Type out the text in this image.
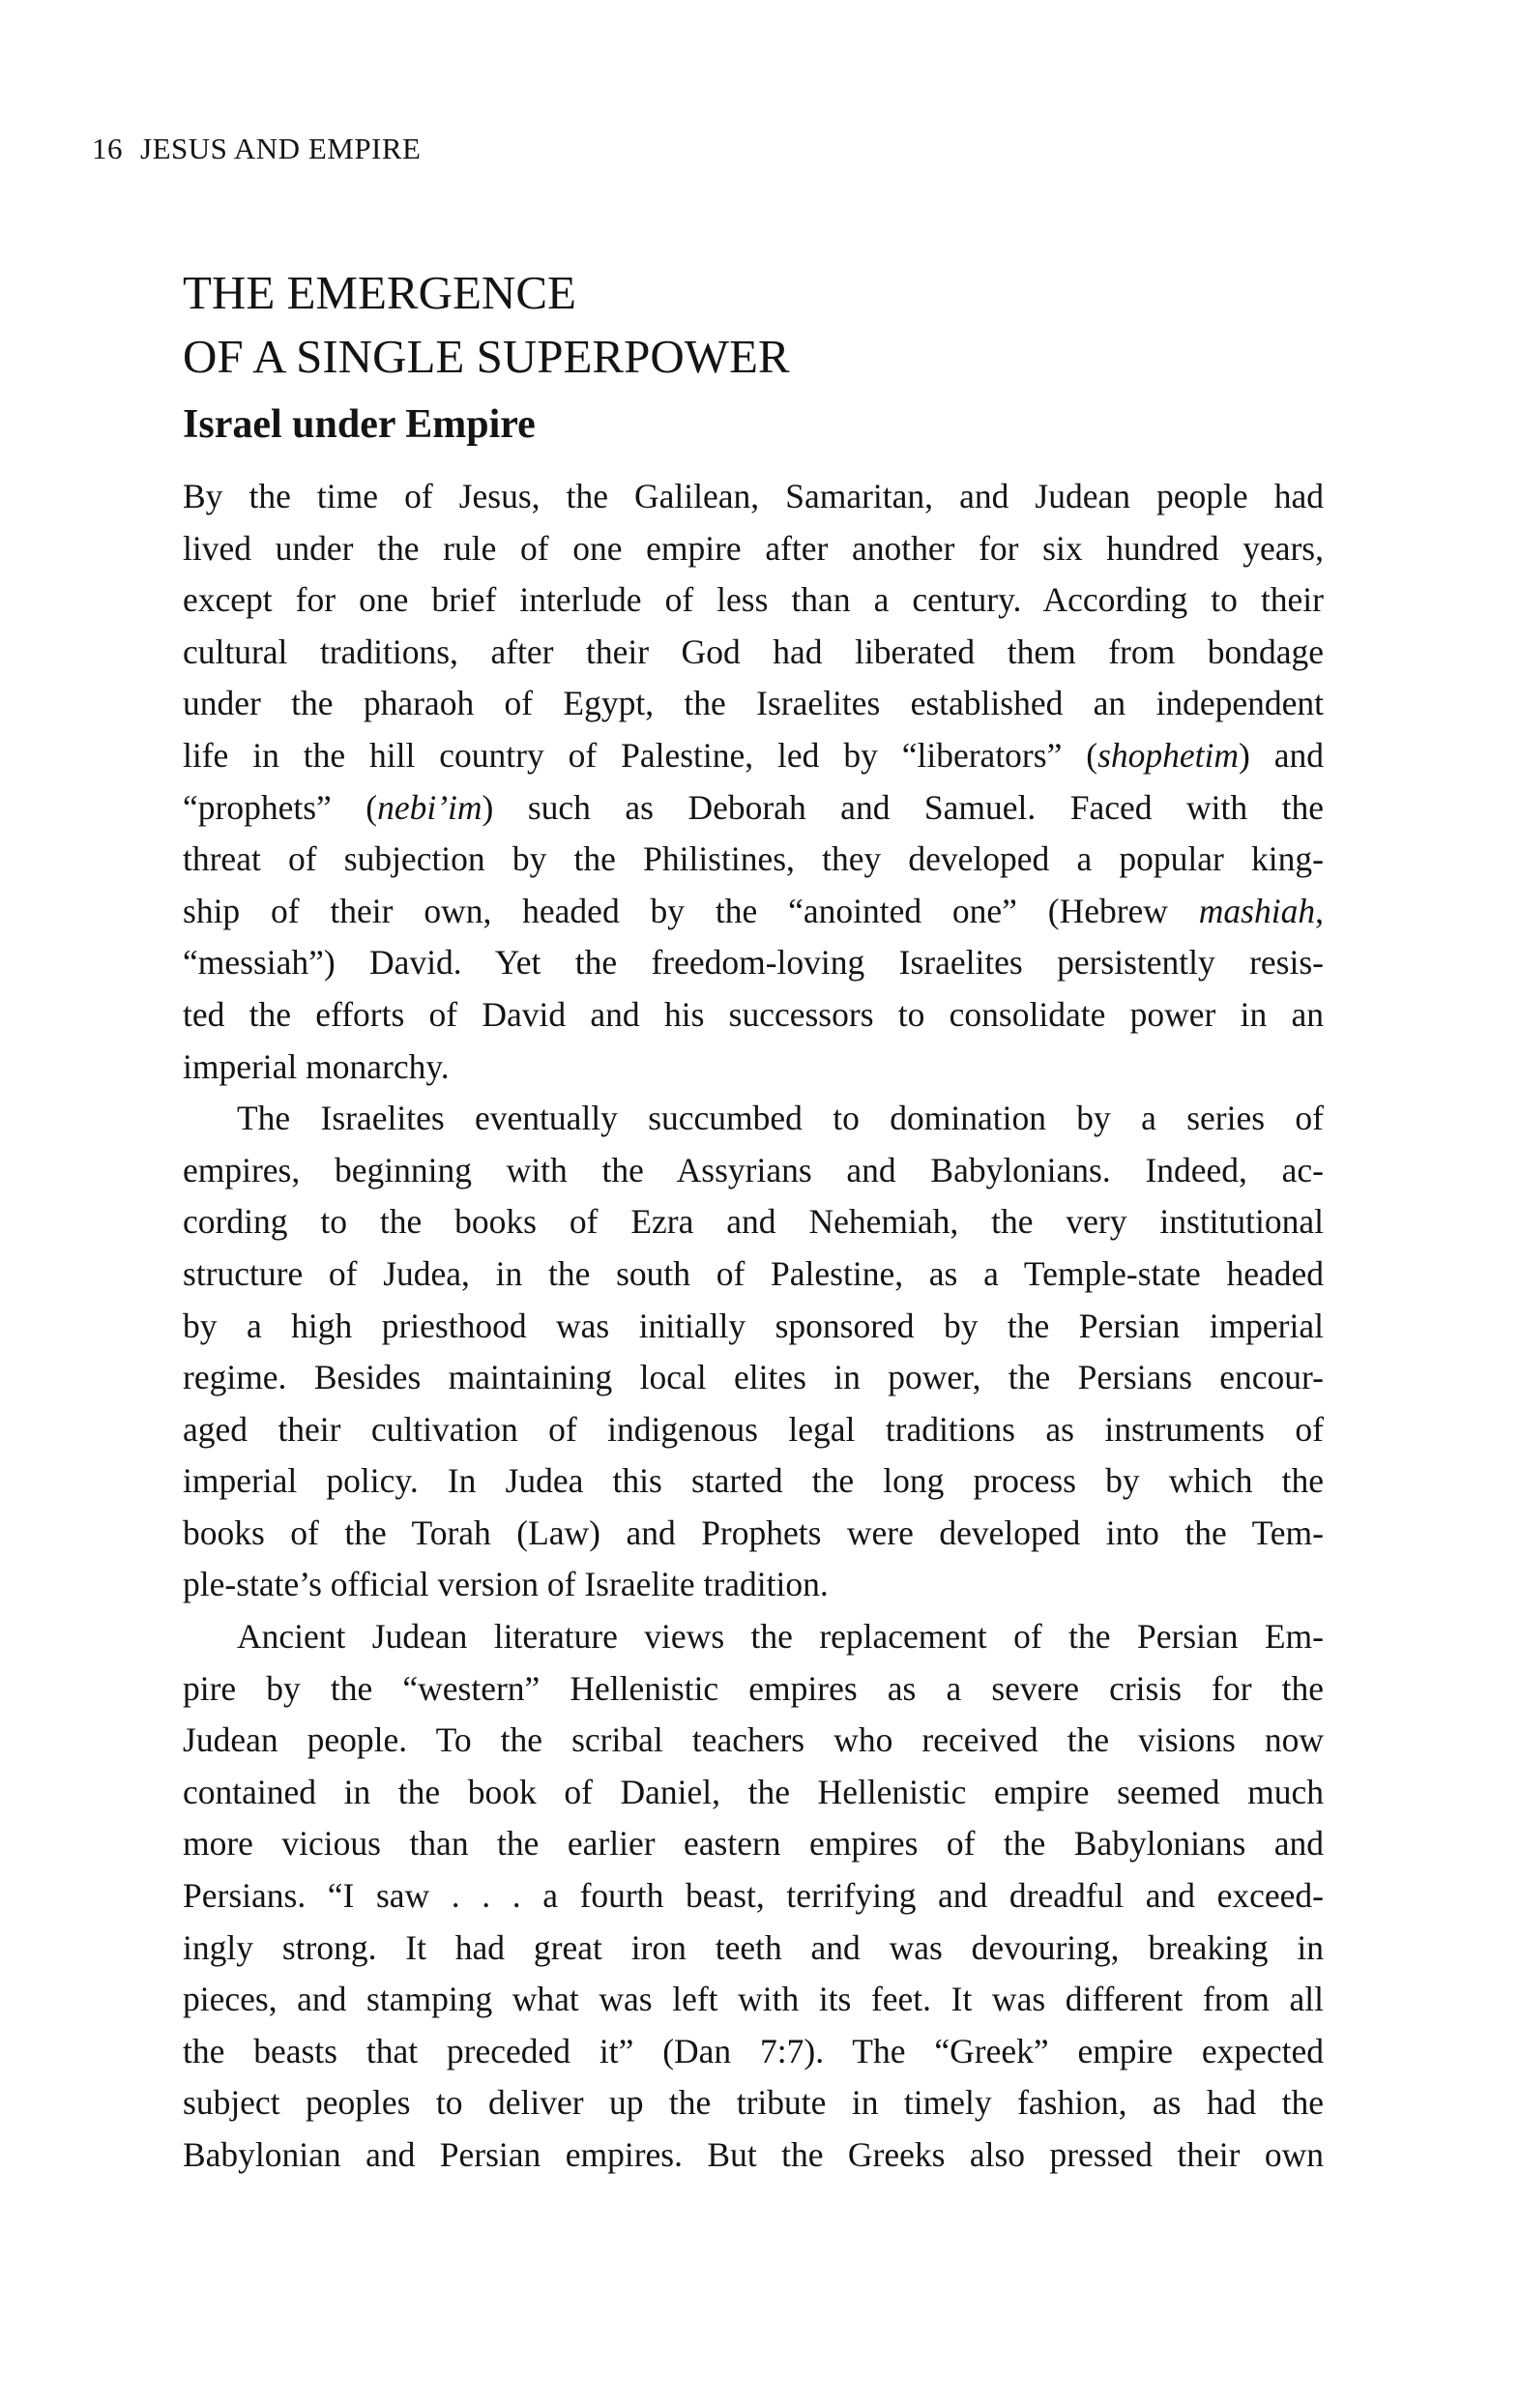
16 JESUS AND EMPIRE
THE EMERGENCE
OF A SINGLE SUPERPOWER
Israel under Empire
By the time of Jesus, the Galilean, Samaritan, and Judean people had
lived under the rule of one empire after another for six hundred years,
except for one brief interlude of less than a century. According to their
cultural traditions, after their God had liberated them from bondage
under the pharaoh of Egypt, the Israelites established an independent
life in the hill country of Palestine, led by “liberators” (shophetim) and
“prophets” (nebi’im) such as Deborah and Samuel. Faced with the
threat of subjection by the Philistines, they developed a popular king-
ship of their own, headed by the “anointed one” (Hebrew mashiah,
“messiah”) David. Yet the freedom-loving Israelites persistently resis-
ted the efforts of David and his successors to consolidate power in an
imperial monarchy.
The Israelites eventually succumbed to domination by a series of
empires, beginning with the Assyrians and Babylonians. Indeed, ac-
cording to the books of Ezra and Nehemiah, the very institutional
structure of Judea, in the south of Palestine, as a Temple-state headed
by a high priesthood was initially sponsored by the Persian imperial
regime. Besides maintaining local elites in power, the Persians encour-
aged their cultivation of indigenous legal traditions as instruments of
imperial policy. In Judea this started the long process by which the
books of the Torah (Law) and Prophets were developed into the Tem-
ple-state’s official version of Israelite tradition.
Ancient Judean literature views the replacement of the Persian Em-
pire by the “western” Hellenistic empires as a severe crisis for the
Judean people. To the scribal teachers who received the visions now
contained in the book of Daniel, the Hellenistic empire seemed much
more vicious than the earlier eastern empires of the Babylonians and
Persians. “I saw . . . a fourth beast, terrifying and dreadful and exceed-
ingly strong. It had great iron teeth and was devouring, breaking in
pieces, and stamping what was left with its feet. It was different from all
the beasts that preceded it” (Dan 7:7). The “Greek” empire expected
subject peoples to deliver up the tribute in timely fashion, as had the
Babylonian and Persian empires. But the Greeks also pressed their own
